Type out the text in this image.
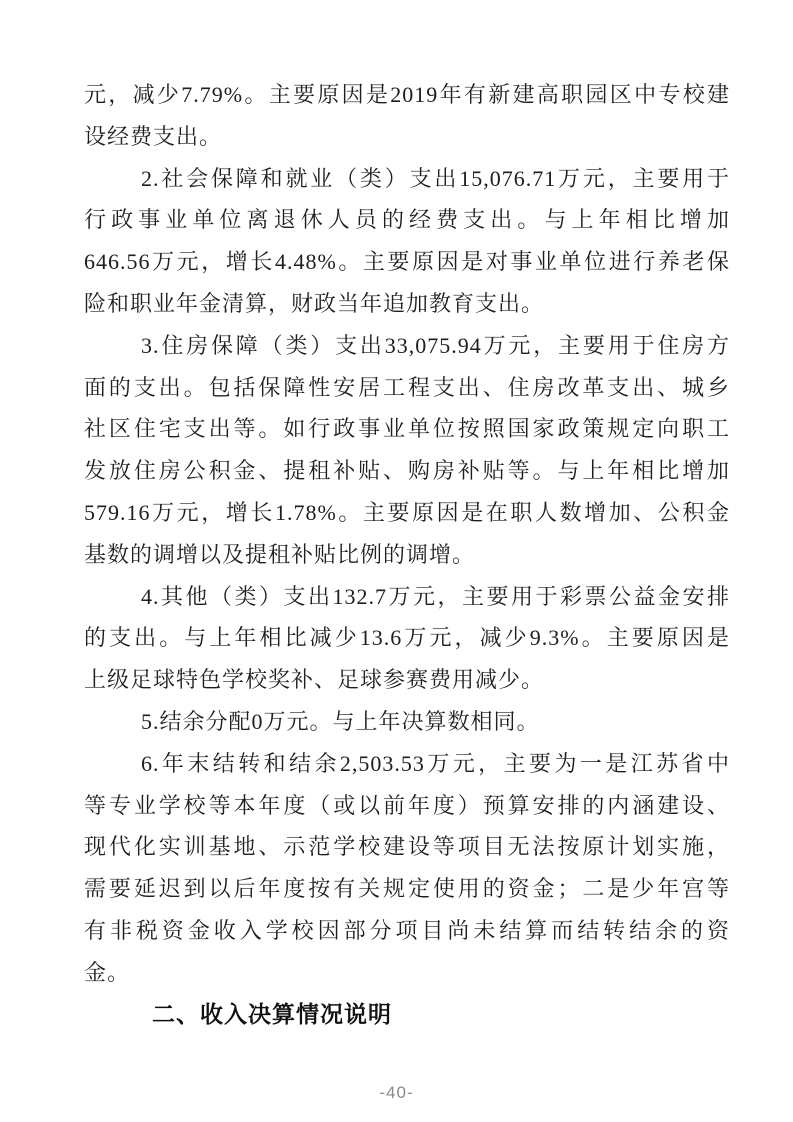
元，减少7.79%。主要原因是2019年有新建高职园区中专校建
设经费支出。
2.社会保障和就业（类）支出15,076.71万元，主要用于
行政事业单位离退休人员的经费支出。与上年相比增加
646.56万元，增长4.48%。主要原因是对事业单位进行养老保
险和职业年金清算，财政当年追加教育支出。
3.住房保障（类）支出33,075.94万元，主要用于住房方
面的支出。包括保障性安居工程支出、住房改革支出、城乡
社区住宅支出等。如行政事业单位按照国家政策规定向职工
发放住房公积金、提租补贴、购房补贴等。与上年相比增加
579.16万元，增长1.78%。主要原因是在职人数增加、公积金
基数的调增以及提租补贴比例的调增。
4.其他（类）支出132.7万元，主要用于彩票公益金安排
的支出。与上年相比减少13.6万元，减少9.3%。主要原因是
上级足球特色学校奖补、足球参赛费用减少。
5.结余分配0万元。与上年决算数相同。
6.年末结转和结余2,503.53万元，主要为一是江苏省中
等专业学校等本年度（或以前年度）预算安排的内涵建设、
现代化实训基地、示范学校建设等项目无法按原计划实施，
需要延迟到以后年度按有关规定使用的资金；二是少年宫等
有非税资金收入学校因部分项目尚未结算而结转结余的资
金。
二、收入决算情况说明
-40-
